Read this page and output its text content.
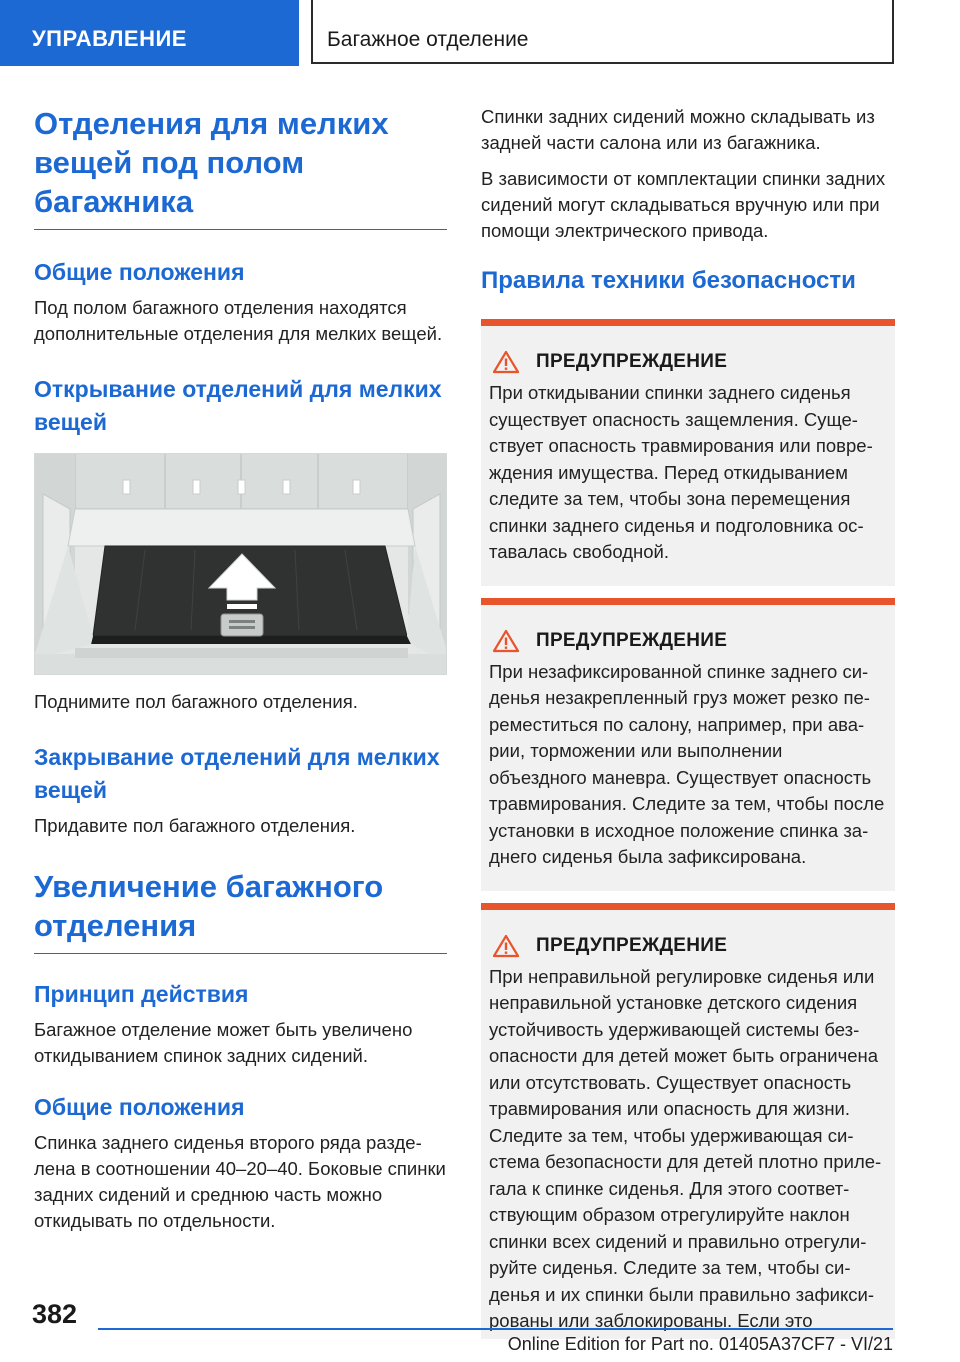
УПРАВЛЕНИЕ	Багажное отделение
Отделения для мелких вещей под полом багажника
Общие положения

Под полом багажного отделения находятся дополнительные отделения для мелких вещей.

Открывание отделений для мелких вещей

Поднимите пол багажного отделения.

Закрывание отделений для мелких вещей

Придавите пол багажного отделения.

Увеличение багажного отделения
Принцип действия

Багажное отделение может быть увеличено откидыванием спинок задних сидений.

Общие положения

Спинка заднего сиденья второго ряда разделена в соотношении 40–20–40. Боковые спинки задних сидений и среднюю часть можно откидывать по отдельности.

Спинки задних сидений можно складывать из задней части салона или из багажника.

В зависимости от комплектации спинки задних сидений могут складываться вручную или при помощи электрического привода.

Правила техники безопасности
ПРЕДУПРЕЖДЕНИЕ

При откидывании спинки заднего сиденья существует опасность защемления. Существует опасность травмирования или повреждения имущества. Перед откидыванием следите за тем, чтобы зона перемещения спинки заднего сиденья и подголовника оставалась свободной.

ПРЕДУПРЕЖДЕНИЕ

При незафиксированной спинке заднего сиденья незакрепленный груз может резко переместиться по салону, например, при аварии, торможении или выполнении объездного маневра. Существует опасность травмирования. Следите за тем, чтобы после установки в исходное положение спинка заднего сиденья была зафиксирована.

ПРЕДУПРЕЖДЕНИЕ

При неправильной регулировке сиденья или неправильной установке детского сидения устойчивость удерживающей системы безопасности для детей может быть ограничена или отсутствовать. Существует опасность травмирования или опасность для жизни. Следите за тем, чтобы удерживающая система безопасности для детей плотно прилегала к спинке сиденья. Для этого соответствующим образом отрегулируйте наклон спинки всех сидений и правильно отрегулируйте сиденья. Следите за тем, чтобы сиденья и их спинки были правильно зафиксированы или заблокированы. Если это

382
Online Edition for Part no. 01405A37CF7 - VI/21
